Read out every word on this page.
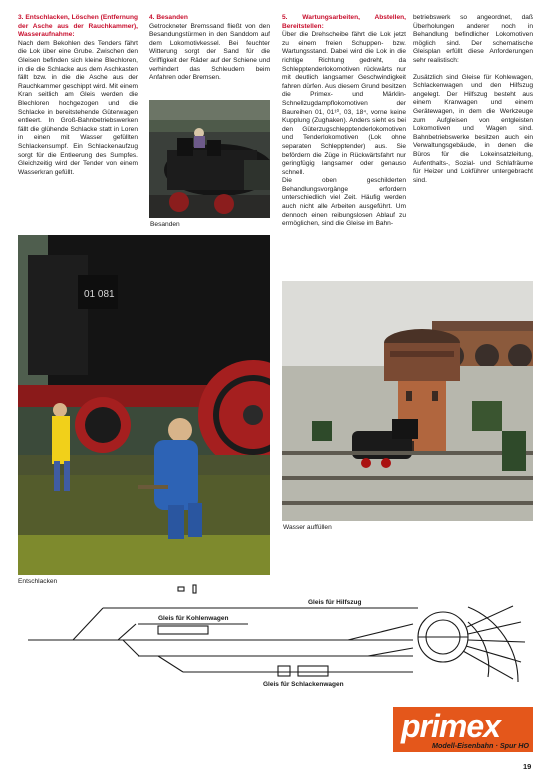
3. Entschlacken, Löschen (Entfernung der Asche aus der Rauchkammer), Wasseraufnahme:
Nach dem Bekohlen des Tenders fährt die Lok über eine Grube. Zwischen den Gleisen befinden sich kleine Blechloren, in die die Schlacke aus dem Aschkasten fällt bzw. in die die Asche aus der Rauchkammer geschippt wird. Mit einem Kran seitlich am Gleis werden die Blechloren hochgezogen und die Schlacke in bereitstehende Güterwagen entleert. In Groß-Bahnbetriebswerken fällt die glühende Schlacke statt in Loren in einen mit Wasser gefüllten Schlackensumpf. Ein Schlackenaufzug sorgt für die Entleerung des Sumpfes. Gleichzeitig wird der Tender von einem Wasserkran gefüllt.
4. Besanden
Getrockneter Bremssand fließt von den Besandungstürmen in den Sanddom auf dem Lokomotivkessel. Bei feuchter Witterung sorgt der Sand für die Griffigkeit der Räder auf der Schiene und verhindert das Schleudern beim Anfahren oder Bremsen.
5. Wartungsarbeiten, Abstellen, Bereitstellen:
Über die Drehscheibe fährt die Lok jetzt zu einem freien Schuppen- bzw. Wartungsstand. Dabei wird die Lok in die richtige Richtung gedreht, da Schlepptenderlokomotiven rückwärts nur mit deutlich langsamer Geschwindigkeit fahren dürfen. Aus diesem Grund besitzen die Primex- und Märklin-Schnellzugdampflokomotiven der Baureihen 01, 01¹⁰, 03, 18⁴, vorne keine Kupplung (Zughaken). Anders sieht es bei den Güterzugschlepptenderlokomotiven und Tenderlokomotiven (Lok ohne separaten Schlepptender) aus. Sie befördern die Züge in Rückwärtsfahrt nur geringfügig langsamer oder genauso schnell.
Die oben geschilderten Behandlungsvorgänge erfordern unterschiedlich viel Zeit. Häufig werden auch nicht alle Arbeiten ausgeführt. Um dennoch einen reibungslosen Ablauf zu ermöglichen, sind die Gleise im Bahn-
betriebswerk so angeordnet, daß Überholungen anderer noch in Behandlung befindlicher Lokomotiven möglich sind. Der schematische Gleisplan erfüllt diese Anforderungen sehr realistisch:
Zusätzlich sind Gleise für Kohlewagen, Schlackenwagen und den Hilfszug angelegt. Der Hilfszug besteht aus einem Kranwagen und einem Gerätewagen, in dem die Werkzeuge zum Aufgleisen von entgleisten Lokomotiven und Wagen sind. Bahnbetriebswerke besitzen auch ein Verwaltungsgebäude, in denen die Büros für die Lokeinsatzleitung, Aufenthalts-, Sozial- und Schlafräume für Heizer und Lokführer untergebracht sind.
Besanden
01 081
Entschlacken
Wasser auffüllen
Gleis für Hilfszug
Gleis für Kohlenwagen
Gleis für Schlackenwagen
primex
Modell-Eisenbahn · Spur HO
19
